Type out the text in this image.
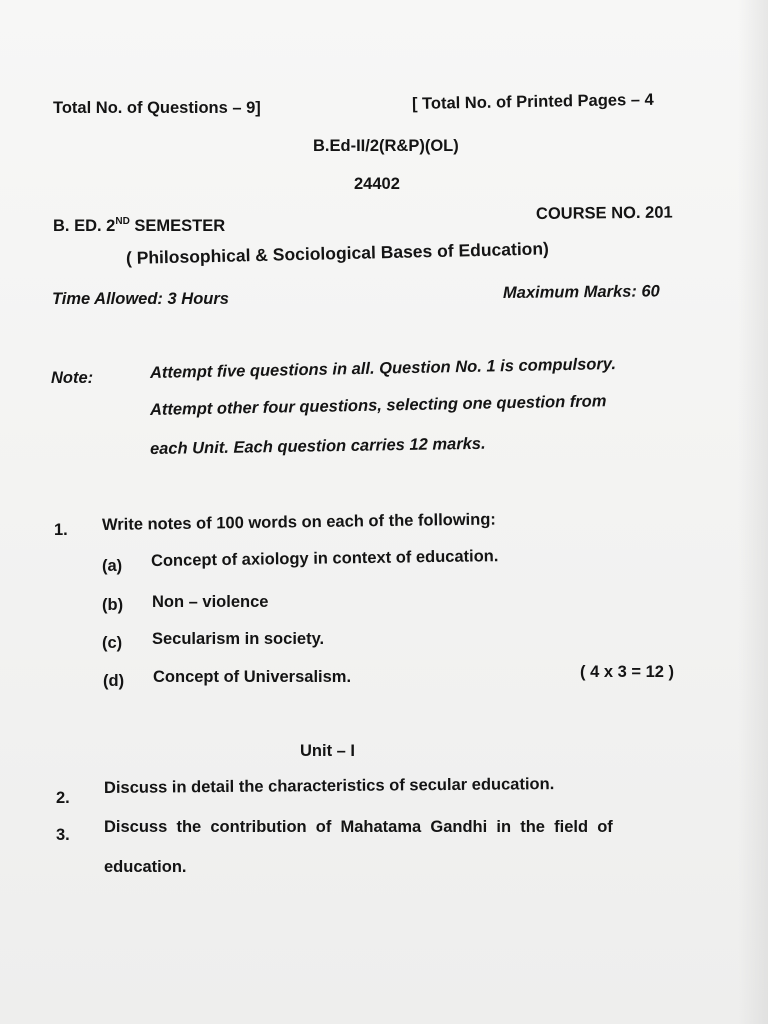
Total No. of Questions – 9]	[ Total No. of Printed Pages – 4
B.Ed-II/2(R&P)(OL)
24402
B. ED. 2ND SEMESTER
COURSE NO. 201
( Philosophical & Sociological Bases of Education)
Time Allowed: 3 Hours	Maximum Marks: 60
Note:	Attempt five questions in all. Question No. 1 is compulsory.
Attempt other four questions, selecting one question from
each Unit. Each question carries 12 marks.
1. Write notes of 100 words on each of the following:
(a) Concept of axiology in context of education.
(b) Non – violence
(c) Secularism in society.
(d) Concept of Universalism.	( 4 x 3 = 12 )
Unit – I
2.
Discuss in detail the characteristics of secular education.
3. Discuss  the  contribution  of  Mahatama  Gandhi  in  the  field  of
education.
